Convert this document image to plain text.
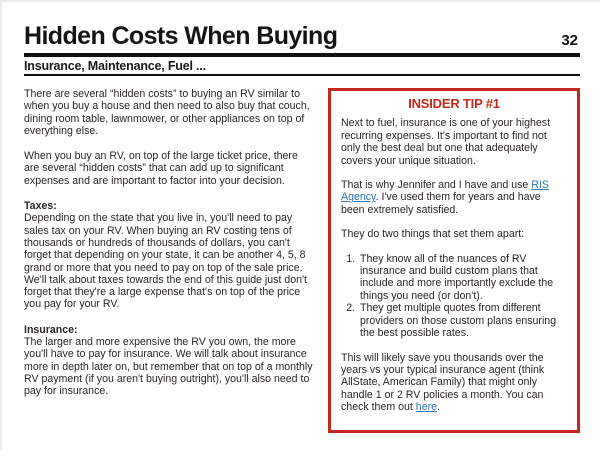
Hidden Costs When Buying	32
Insurance, Maintenance, Fuel ...

There are several “hidden costs” to buying an RV similar to when you buy a house and then need to also buy that couch, dining room table, lawnmower, or other appliances on top of everything else.

When you buy an RV, on top of the large ticket price, there are several “hidden costs” that can add up to significant expenses and are important to factor into your decision.

Taxes:
Depending on the state that you live in, you'll need to pay sales tax on your RV. When buying an RV costing tens of thousands or hundreds of thousands of dollars, you can't forget that depending on your state, it can be another 4, 5, 8 grand or more that you need to pay on top of the sale price. We'll talk about taxes towards the end of this guide just don't forget that they're a large expense that's on top of the price you pay for your RV.
Insurance:
The larger and more expensive the RV you own, the more you'll have to pay for insurance. We will talk about insurance more in depth later on, but remember that on top of a monthly RV payment (if you aren't buying outright), you'll also need to pay for insurance.
INSIDER TIP #1

Next to fuel, insurance is one of your highest recurring expenses. It's important to find not only the best deal but one that adequately covers your unique situation.

That is why Jennifer and I have and use RIS Agency. I've used them for years and have been extremely satisfied.

They do two things that set them apart:

1. They know all of the nuances of RV insurance and build custom plans that include and more importantly exclude the things you need (or don't).
2. They get multiple quotes from different providers on those custom plans ensuring the best possible rates.

This will likely save you thousands over the years vs your typical insurance agent (think AllState, American Family) that might only handle 1 or 2 RV policies a month. You can check them out here.
